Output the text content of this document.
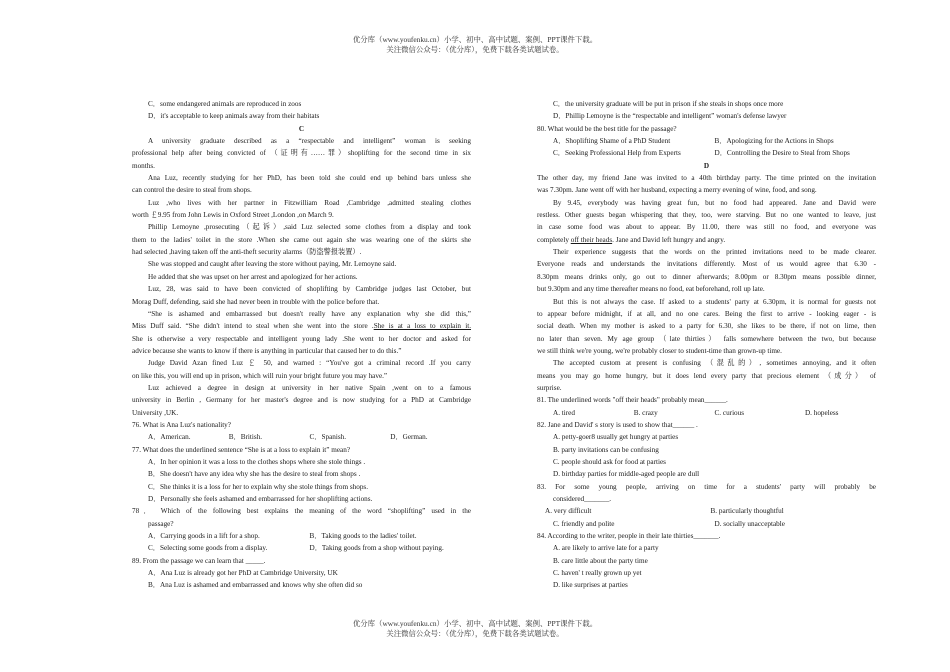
优分库（www.youfenku.cn）小学、初中、高中试题、案例、PPT课件下载。
关注微信公众号：（优分库），免费下载各类试题试卷。
C．some endangered animals are reproduced in zoos
D．it's acceptable to keep animals away from their habitats
C
A university graduate described as a “respectable and intelligent” woman is seeking
professional help after being convicted of （证明有……罪）shoplifting for the second time in six
months.
Ana Luz, recently studying for her PhD, has been told she could end up behind bars unless she
can control the desire to steal from shops.
Luz ,who lives with her partner in Fitzwilliam Road ,Cambridge ,admitted stealing clothes
worth ￡9.95 from John Lewis in Oxford Street ,London ,on March 9.
Phillip Lemoyne ,prosecuting（起诉）,said Luz selected some clothes from a display and took
them to the ladies' toilet in the store .When she came out again she was wearing one of the skirts she
had selected ,having taken off the anti-theft security alarms（防盗警报装置）.
She was stopped and caught after leaving the store without paying, Mr. Lemoyne said.
He added that she was upset on her arrest and apologized for her actions.
Luz, 28, was said to have been convicted of shoplifting by Cambridge judges last October, but
Morag Duff, defending, said she had never been in trouble with the police before that.
“She is ashamed and embarrassed but doesn't really have any explanation why she did this,”
Miss Duff said. “She didn't intend to steal when she went into the store .She is at a loss to explain it.
She is otherwise a very respectable and intelligent young lady .She went to her doctor and asked for
advice because she wants to know if there is anything in particular that caused her to do this.”
Judge David Azan fined Luz ￡ 50, and warned : “You've got a criminal record .If you carry
on like this, you will end up in prison, which will ruin your bright future you may have.”
Luz achieved a degree in design at university in her native Spain ,went on to a famous
university in Berlin , Germany for her master's degree and is now studying for a PhD at Cambridge
University ,UK.
76. What is Ana Luz's nationality?
A．American.	B．British.	C．Spanish.	D．German.
77. What does the underlined sentence “She is at a loss to explain it” mean?
A．In her opinion it was a loss to the clothes shops where she stole things .
B．She doesn't have any idea why she has the desire to steal from shops .
C．She thinks it is a loss for her to explain why she stole things from shops.
D．Personally she feels ashamed and embarrassed for her shoplifting actions.
78． Which of the following best explains the meaning of the word “shoplifting” used in the
passage?
A．Carrying goods in a lift for a shop.	B．Taking goods to the ladies' toilet.
C．Selecting some goods from a display.	D．Taking goods from a shop without paying.
89. From the passage we can learn that _____.
A．Ana Luz is already got her PhD at Cambridge University, UK
B．Ana Luz is ashamed and embarrassed and knows why she often did so
C．the university graduate will be put in prison if she steals in shops once more
D．Phillip Lemoyne is the “respectable and intelligent” woman's defense lawyer
80. What would be the best title for the passage?
A．Shoplifting Shame of a PhD Student	B．Apologizing for the Actions in Shops
C．Seeking Professional Help from Experts	D．Controlling the Desire to Steal from Shops
D
The other day, my friend Jane was invited to a 40th birthday party. The time printed on the invitation
was 7.30pm. Jane went off with her husband, expecting a merry evening of wine, food, and song.
By 9.45, everybody was having great fun, but no food had appeared. Jane and David were
restless. Other guests began whispering that they, too, were starving. But no one wanted to leave, just
in case some food was about to appear. By 11.00, there was still no food, and everyone was
completely off their heads. Jane and David left hungry and angry.
Their experience suggests that the words on the printed invitations need to be made clearer.
Everyone reads and understands the invitations differently. Most of us would agree that 6.30 -
8.30pm means drinks only, go out to dinner afterwards; 8.00pm or 8.30pm means possible dinner,
but 9.30pm and any time thereafter means no food, eat beforehand, roll up late.
But this is not always the case. If asked to a students' party at 6.30pm, it is normal for guests not
to appear before midnight, if at all, and no one cares. Being the first to arrive - looking eager - is
social death. When my mother is asked to a party for 6.30, she likes to be there, if not on lime, then
no later than seven. My age group （late thirties） falls somewhere between the two, but because
we still think we're young, we're probably closer to student-time than grown-up time.
The accepted custom at present is confusing （混乱的）, sometimes annoying, and it often
means you may go home hungry, but it does lend every party that precious element （成分） of
surprise.
81. The underlined words "off their heads" probably mean______.
A. tired	B. crazy	C. curious	D. hopeless
82. Jane and David' s story is used to show that______ .
A. petty-goer8 usually get hungry at parties
B. party invitations can be confusing
C. people should ask for food at parties
D. birthday parties for middle-aged people are dull
83. For some young people, arriving on time for a students' party will probably be
considered_______.
A. very difficult	B. particularly thoughtful
C. friendly and polite	D. socially unacceptable
84. According to the writer, people in their late thirties_______.
A. are likely to arrive late for a party
B. care little about the party time
C. haven' t really grown up yet
D. like surprises at parties
优分库（www.youfenku.cn）小学、初中、高中试题、案例、PPT课件下载。
关注微信公众号：（优分库），免费下载各类试题试卷。
